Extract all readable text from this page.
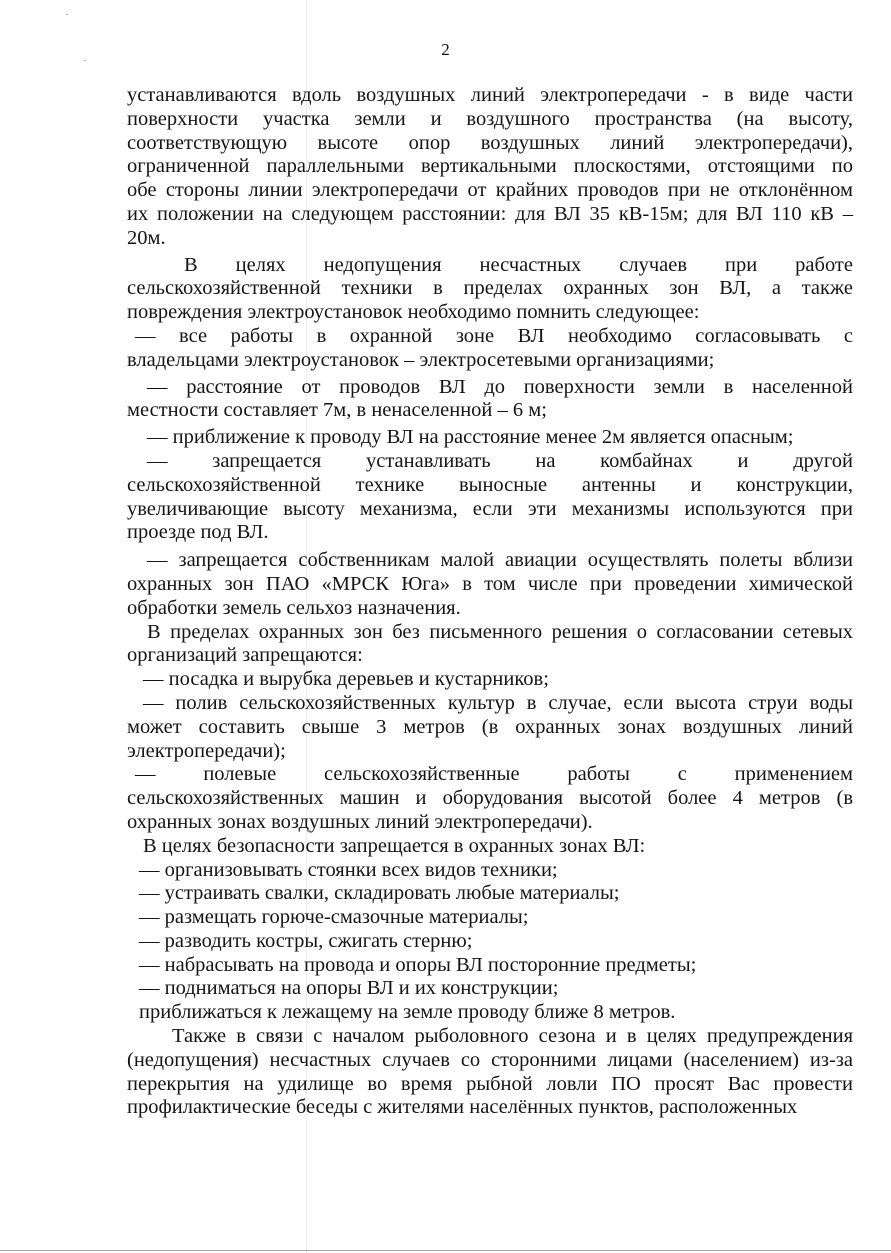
2
устанавливаются вдоль воздушных линий электропередачи - в виде части
поверхности участка земли и воздушного пространства (на высоту,
соответствующую высоте опор воздушных линий электропередачи),
ограниченной параллельными вертикальными плоскостями, отстоящими по
обе стороны линии электропередачи от крайних проводов при не отклонённом
их положении на следующем расстоянии: для ВЛ 35 кВ-15м; для ВЛ 110 кВ –
20м.
В целях недопущения несчастных случаев при работе
сельскохозяйственной техники в пределах охранных зон ВЛ, а также
повреждения электроустановок необходимо помнить следующее:
— все работы в охранной зоне ВЛ необходимо согласовывать с
владельцами электроустановок – электросетевыми организациями;
— расстояние от проводов ВЛ до поверхности земли в населенной
местности составляет 7м, в ненаселенной – 6 м;
— приближение к проводу ВЛ на расстояние менее 2м является опасным;
— запрещается устанавливать на комбайнах и другой
сельскохозяйственной технике выносные антенны и конструкции,
увеличивающие высоту механизма, если эти механизмы используются при
проезде под ВЛ.
— запрещается собственникам малой авиации осуществлять полеты вблизи
охранных зон ПАО «МРСК Юга» в том числе при проведении химической
обработки земель сельхоз назначения.
В пределах охранных зон без письменного решения о согласовании сетевых
организаций запрещаются:
— посадка и вырубка деревьев и кустарников;
— полив сельскохозяйственных культур в случае, если высота струи воды
может составить свыше 3 метров (в охранных зонах воздушных линий
электропередачи);
— полевые сельскохозяйственные работы с применением
сельскохозяйственных машин и оборудования высотой более 4 метров (в
охранных зонах воздушных линий электропередачи).
В целях безопасности запрещается в охранных зонах ВЛ:
— организовывать стоянки всех видов техники;
— устраивать свалки, складировать любые материалы;
— размещать горюче-смазочные материалы;
— разводить костры, сжигать стерню;
— набрасывать на провода и опоры ВЛ посторонние предметы;
— подниматься на опоры ВЛ и их конструкции;
приближаться к лежащему на земле проводу ближе 8 метров.
Также в связи с началом рыболовного сезона и в целях предупреждения
(недопущения) несчастных случаев со сторонними лицами (населением) из-за
перекрытия на удилище во время рыбной ловли ПО просят Вас провести
профилактические беседы с жителями населённых пунктов, расположенных
